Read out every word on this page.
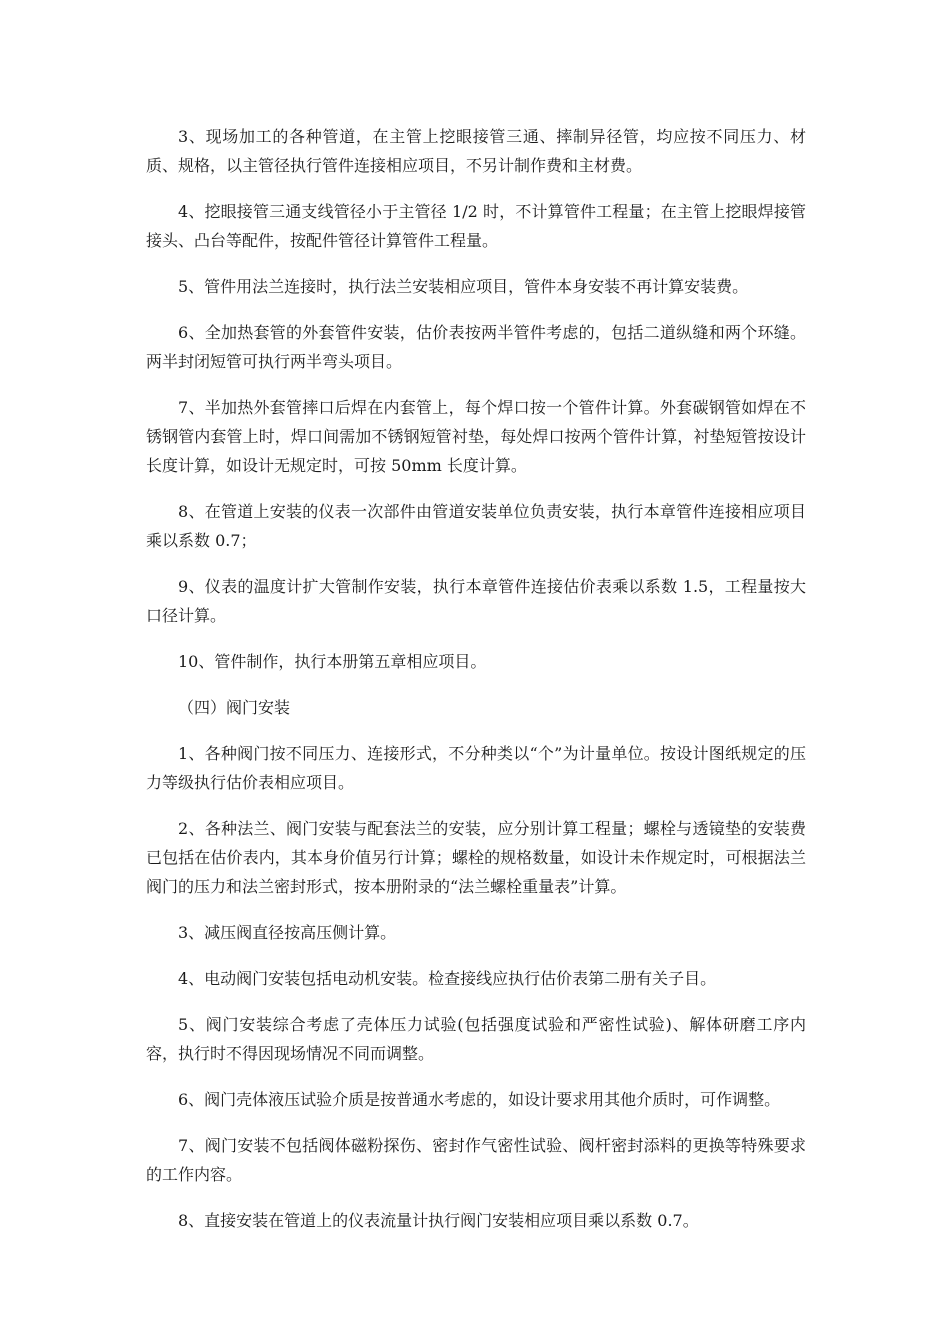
3、现场加工的各种管道，在主管上挖眼接管三通、摔制异径管，均应按不同压力、材质、规格，以主管径执行管件连接相应项目，不另计制作费和主材费。

4、挖眼接管三通支线管径小于主管径 1/2 时，不计算管件工程量；在主管上挖眼焊接管接头、凸台等配件，按配件管径计算管件工程量。

5、管件用法兰连接时，执行法兰安装相应项目，管件本身安装不再计算安装费。

6、全加热套管的外套管件安装，估价表按两半管件考虑的，包括二道纵缝和两个环缝。两半封闭短管可执行两半弯头项目。

7、半加热外套管摔口后焊在内套管上，每个焊口按一个管件计算。外套碳钢管如焊在不锈钢管内套管上时，焊口间需加不锈钢短管衬垫，每处焊口按两个管件计算，衬垫短管按设计长度计算，如设计无规定时，可按 50mm 长度计算。

8、在管道上安装的仪表一次部件由管道安装单位负责安装，执行本章管件连接相应项目乘以系数 0.7；

9、仪表的温度计扩大管制作安装，执行本章管件连接估价表乘以系数 1.5，工程量按大口径计算。

10、管件制作，执行本册第五章相应项目。

（四）阀门安装

1、各种阀门按不同压力、连接形式，不分种类以“个”为计量单位。按设计图纸规定的压力等级执行估价表相应项目。

2、各种法兰、阀门安装与配套法兰的安装，应分别计算工程量；螺栓与透镜垫的安装费已包括在估价表内，其本身价值另行计算；螺栓的规格数量，如设计未作规定时，可根据法兰阀门的压力和法兰密封形式，按本册附录的“法兰螺栓重量表”计算。

3、减压阀直径按高压侧计算。

4、电动阀门安装包括电动机安装。检查接线应执行估价表第二册有关子目。

5、阀门安装综合考虑了壳体压力试验(包括强度试验和严密性试验)、解体研磨工序内容，执行时不得因现场情况不同而调整。

6、阀门壳体液压试验介质是按普通水考虑的，如设计要求用其他介质时，可作调整。

7、阀门安装不包括阀体磁粉探伤、密封作气密性试验、阀杆密封添料的更换等特殊要求的工作内容。

8、直接安装在管道上的仪表流量计执行阀门安装相应项目乘以系数 0.7。
